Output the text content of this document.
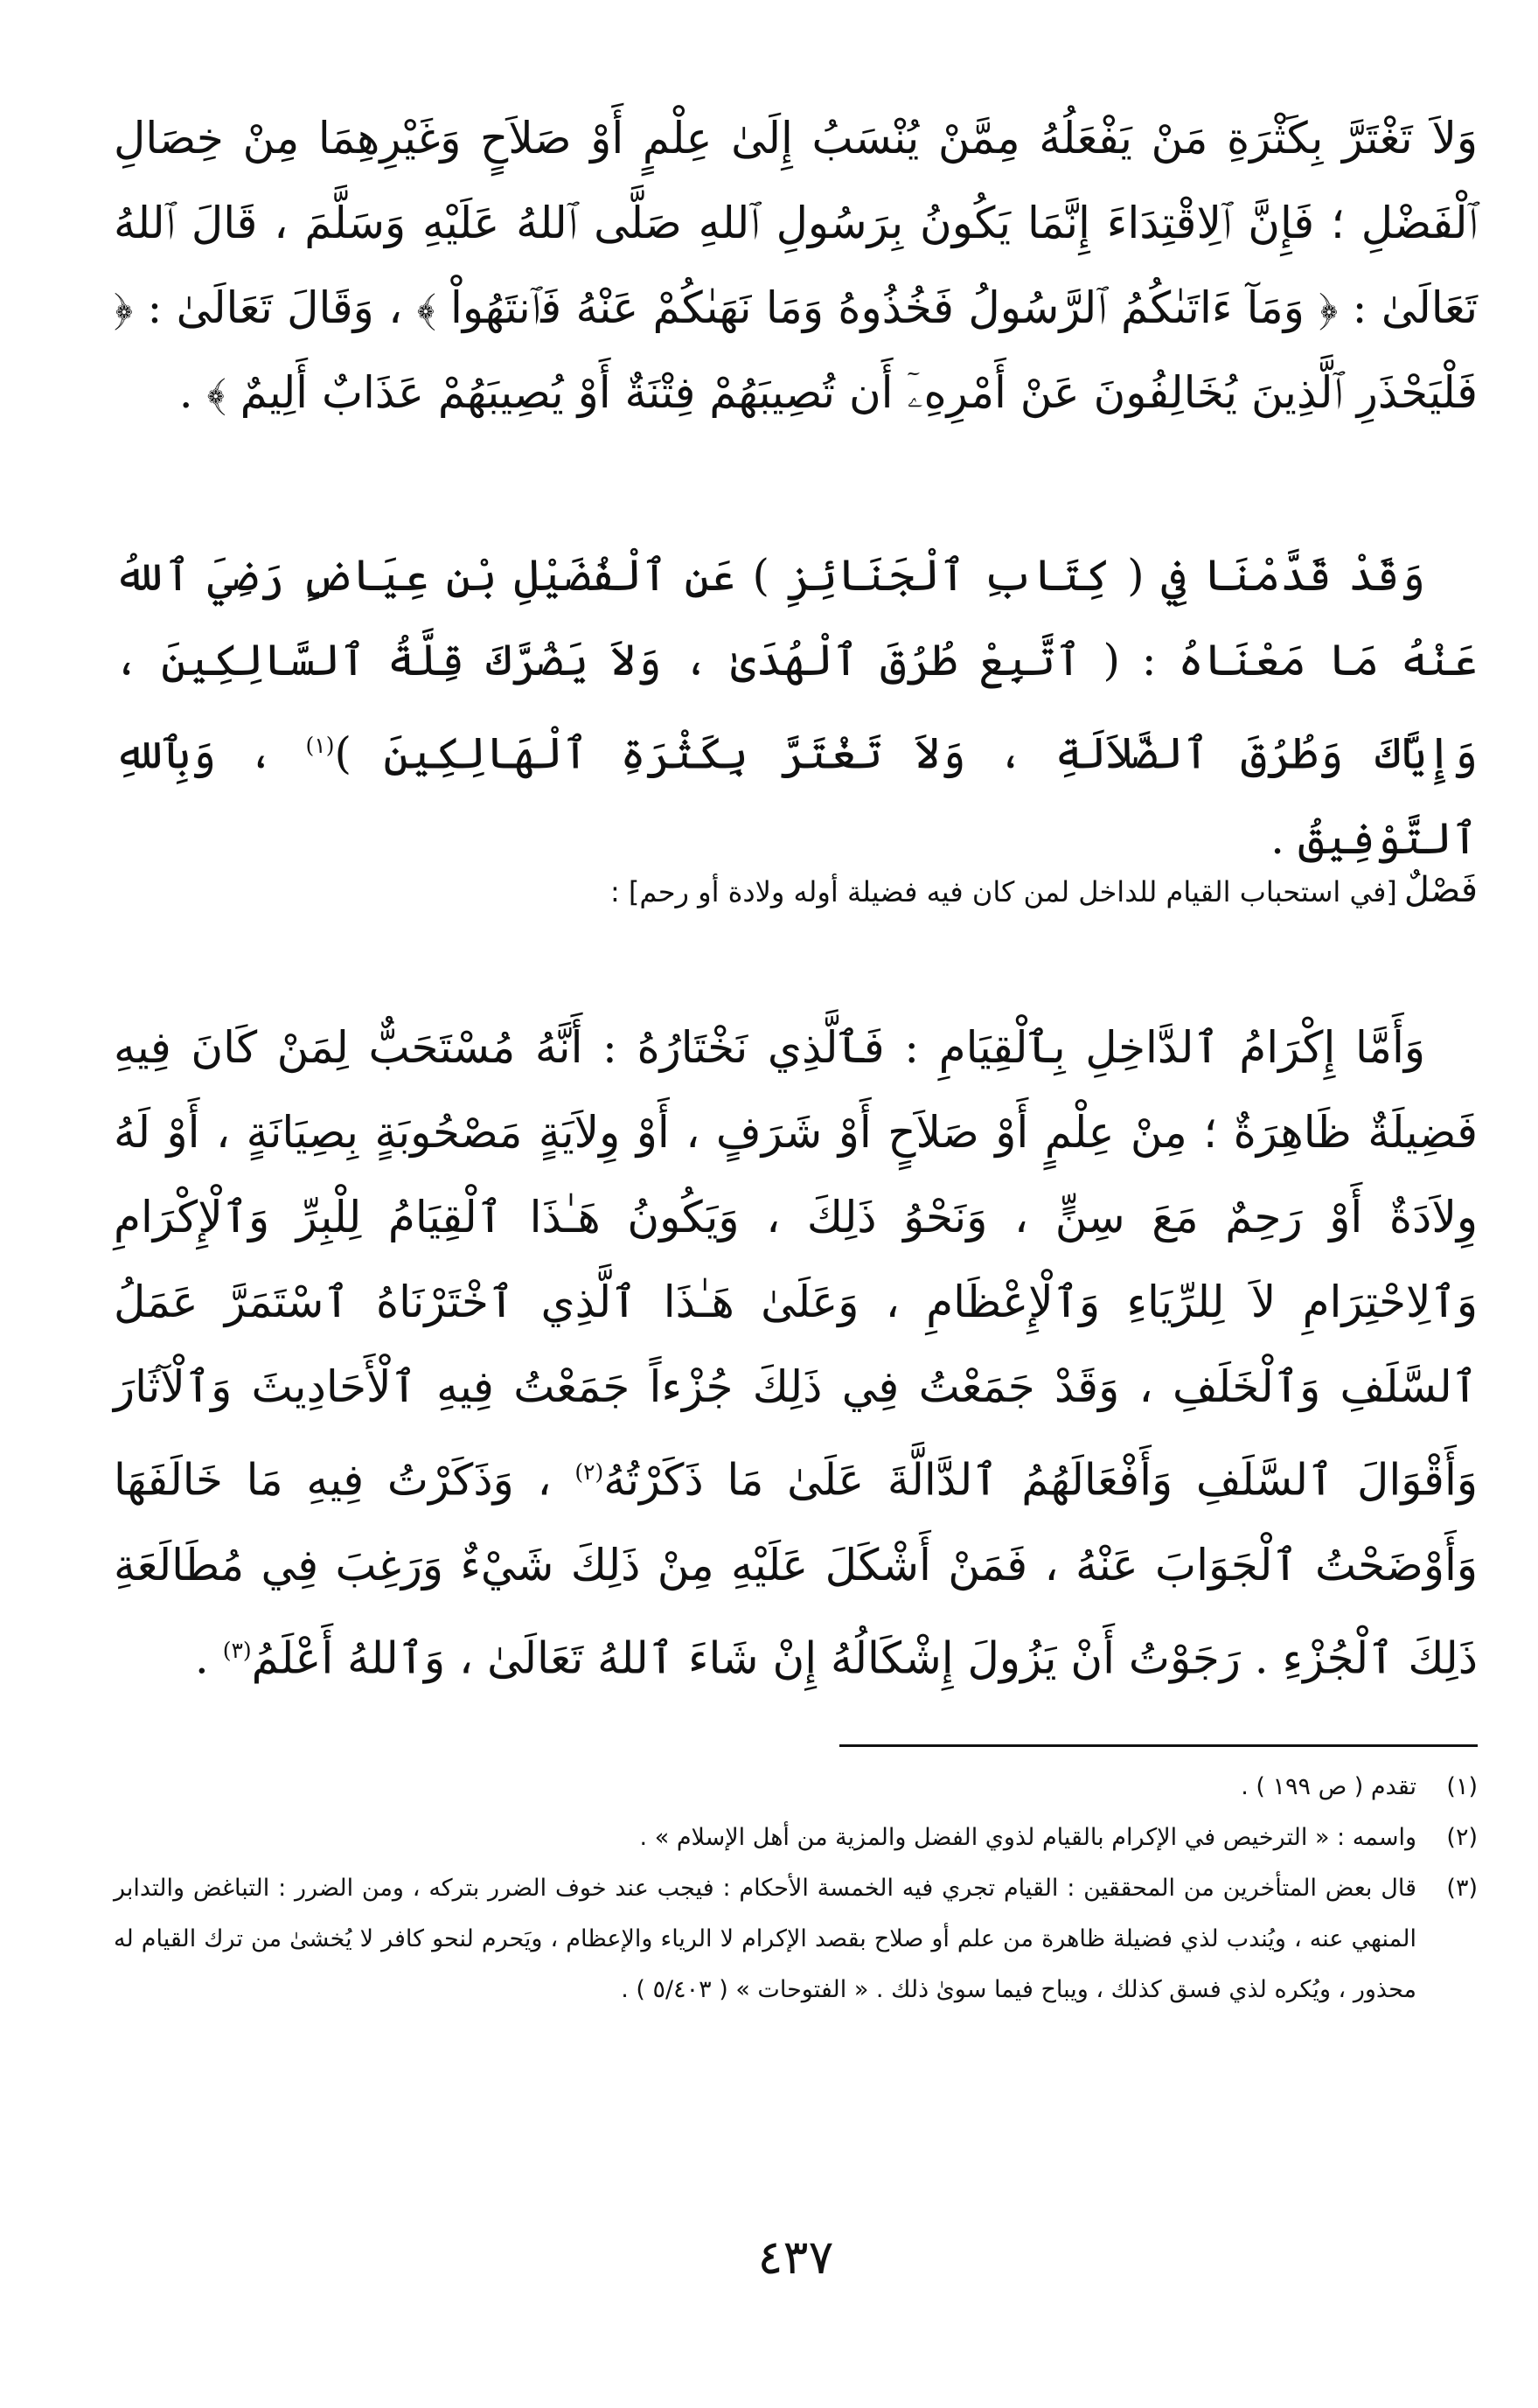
وَلاَ تَغْتَرَّ بِكَثْرَةِ مَنْ يَفْعَلُهُ مِمَّنْ يُنْسَبُ إِلَىٰ عِلْمٍ أَوْ صَلاَحٍ وَغَيْرِهِمَا مِنْ خِصَالِ ٱلْفَضْلِ ؛ فَإِنَّ ٱلِاقْتِدَاءَ إِنَّمَا يَكُونُ بِرَسُولِ ٱللهِ صَلَّى ٱللهُ عَلَيْهِ وَسَلَّمَ ، قَالَ ٱللهُ تَعَالَىٰ : ﴿ وَمَآ ءَاتَىٰكُمُ ٱلرَّسُولُ فَخُذُوهُ وَمَا نَهَىٰكُمْ عَنْهُ فَٱنتَهُواْ ﴾ ، وَقَالَ تَعَالَىٰ : ﴿ فَلْيَحْذَرِ ٱلَّذِينَ يُخَالِفُونَ عَنْ أَمْرِهِۦٓ أَن تُصِيبَهُمْ فِتْنَةٌ أَوْ يُصِيبَهُمْ عَذَابٌ أَلِيمٌ ﴾ .

وَقَدْ قَدَّمْنَا فِي ( كِتَابِ ٱلْجَنَائِزِ ) عَنِ ٱلْفُضَيْلِ بْنِ عِيَاضٍ رَضِيَ ٱللهُ عَنْهُ مَا مَعْنَاهُ : ( ٱتَّبِعْ طُرُقَ ٱلْهُدَىٰ ، وَلاَ يَضُرَّكَ قِلَّةُ ٱلسَّالِكِينَ ، وَإِيَّاكَ وَطُرُقَ ٱلضَّلاَلَةِ ، وَلاَ تَغْتَرَّ بِكَثْرَةِ ٱلْهَالِكِينَ )$^{(١)}$ ، وَبِٱللهِ ٱلتَّوْفِيقُ .

فَصْلٌ[في استحباب القيام للداخل لمن كان فيه فضيلة أوله ولادة أو رحم] :

وَأَمَّا إِكْرَامُ ٱلدَّاخِلِ بِٱلْقِيَامِ : فَٱلَّذِي نَخْتَارُهُ : أَنَّهُ مُسْتَحَبٌّ لِمَنْ كَانَ فِيهِ فَضِيلَةٌ ظَاهِرَةٌ ؛ مِنْ عِلْمٍ أَوْ صَلاَحٍ أَوْ شَرَفٍ ، أَوْ وِلاَيَةٍ مَصْحُوبَةٍ بِصِيَانَةٍ ، أَوْ لَهُ وِلاَدَةٌ أَوْ رَحِمٌ مَعَ سِنٍّ ، وَنَحْوُ ذَلِكَ ، وَيَكُونُ هَـٰذَا ٱلْقِيَامُ لِلْبِرِّ وَٱلْإِكْرَامِ وَٱلِاحْتِرَامِ لاَ لِلرِّيَاءِ وَٱلْإِعْظَامِ ، وَعَلَىٰ هَـٰذَا ٱلَّذِي ٱخْتَرْنَاهُ ٱسْتَمَرَّ عَمَلُ ٱلسَّلَفِ وَٱلْخَلَفِ ، وَقَدْ جَمَعْتُ فِي ذَلِكَ جُزْءاً جَمَعْتُ فِيهِ ٱلْأَحَادِيثَ وَٱلْآثَارَ وَأَقْوَالَ ٱلسَّلَفِ وَأَفْعَالَهُمُ ٱلدَّالَّةَ عَلَىٰ مَا ذَكَرْتُهُ$^{(٢)}$ ، وَذَكَرْتُ فِيهِ مَا خَالَفَهَا وَأَوْضَحْتُ ٱلْجَوَابَ عَنْهُ ، فَمَنْ أَشْكَلَ عَلَيْهِ مِنْ ذَلِكَ شَيْءٌ وَرَغِبَ فِي مُطَالَعَةِ ذَلِكَ ٱلْجُزْءِ . رَجَوْتُ أَنْ يَزُولَ إِشْكَالُهُ إِنْ شَاءَ ٱللهُ تَعَالَىٰ ، وَٱللهُ أَعْلَمُ$^{(٣)}$ .

(١)
تقدم ( ص ١٩٩ ) .
(٢)
واسمه : « الترخيص في الإكرام بالقيام لذوي الفضل والمزية من أهل الإسلام » .
(٣)
قال بعض المتأخرين من المحققين : القيام تجري فيه الخمسة الأحكام : فيجب عند خوف الضرر بتركه ، ومن الضرر : التباغض والتدابر المنهي عنه ، ويُندب لذي فضيلة ظاهرة من علم أو صلاح بقصد الإكرام لا الرياء والإعظام ، ويَحرم لنحو كافر لا يُخشىٰ من ترك القيام له محذور ، ويُكره لذي فسق كذلك ، ويباح فيما سوىٰ ذلك . « الفتوحات » ( ٥/٤٠٣ ) .
٤٣٧
